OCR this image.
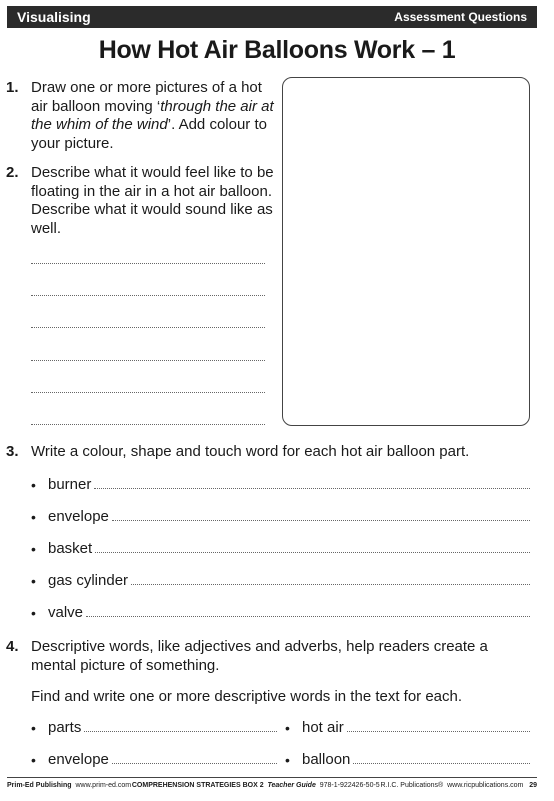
Visualising	Assessment Questions
How Hot Air Balloons Work – 1
1. Draw one or more pictures of a hot air balloon moving ‘through the air at the whim of the wind’. Add colour to your picture.
2. Describe what it would feel like to be floating in the air in a hot air balloon. Describe what it would sound like as well.
3. Write a colour, shape and touch word for each hot air balloon part.
• burner
• envelope
• basket
• gas cylinder
• valve
4. Descriptive words, like adjectives and adverbs, help readers create a mental picture of something.
Find and write one or more descriptive words in the text for each.
• parts	• hot air
• envelope	• balloon
Prim-Ed Publishing www.prim-ed.com COMPREHENSION STRATEGIES BOX 2 Teacher Guide 978-1-922426-50-5 R.I.C. Publications® www.ricpublications.com 29
